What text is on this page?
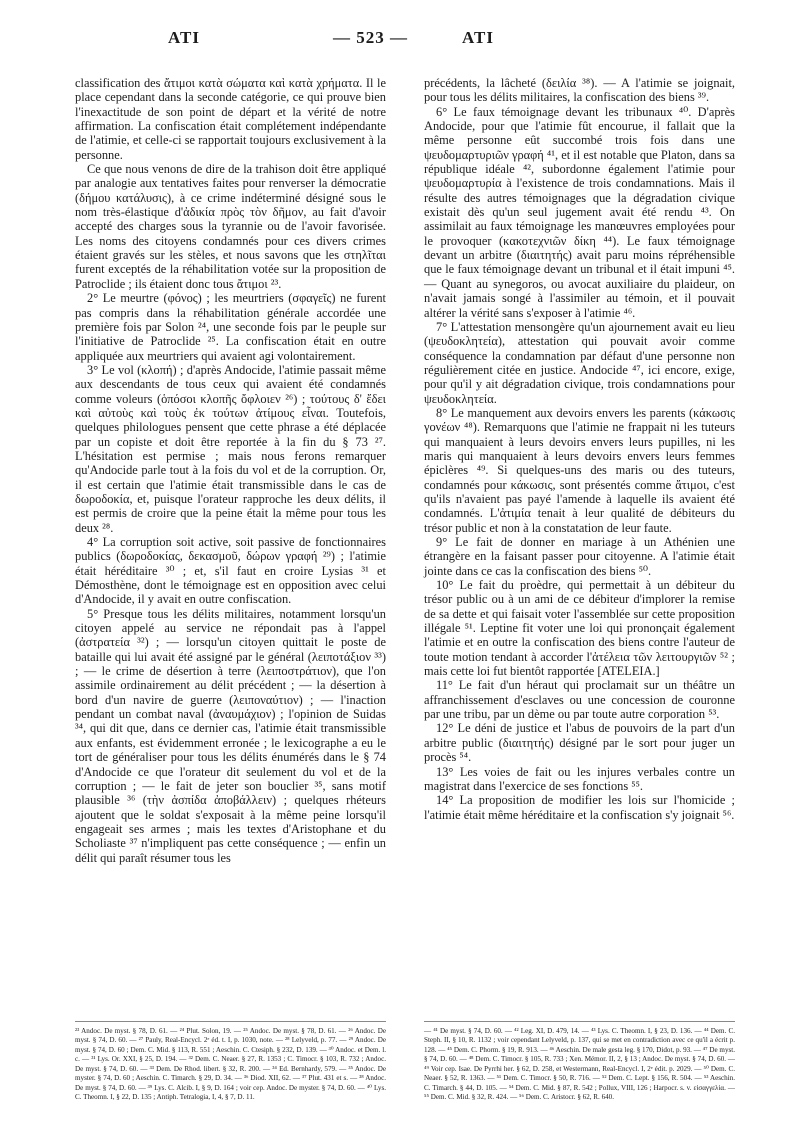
ATI	— 523 —	ATI

classification des ἄτιμοι κατὰ σώματα καὶ κατὰ χρήματα. Il le place cependant dans la seconde catégorie, ce qui prouve bien l'inexactitude de son point de départ et la vérité de notre affirmation. La confiscation était complétement indépendante de l'atimie, et celle-ci se rapportait toujours exclusivement à la personne.

Ce que nous venons de dire de la trahison doit être appliqué par analogie aux tentatives faites pour renverser la démocratie (δήμου κατάλυσις), à ce crime indéterminé désigné sous le nom très-élastique d'ἀδικία πρὸς τὸν δῆμον, au fait d'avoir accepté des charges sous la tyrannie ou de l'avoir favorisée. Les noms des citoyens condamnés pour ces divers crimes étaient gravés sur les stèles, et nous savons que les στηλῖται furent exceptés de la réhabilitation votée sur la proposition de Patroclide ; ils étaient donc tous ἄτιμοι ²³.

2° Le meurtre (φόνος) ; les meurtriers (σφαγεῖς) ne furent pas compris dans la réhabilitation générale accordée une première fois par Solon ²⁴, une seconde fois par le peuple sur l'initiative de Patroclide ²⁵. La confiscation était en outre appliquée aux meurtriers qui avaient agi volontairement.

3° Le vol (κλοπή) ; d'après Andocide, l'atimie passait même aux descendants de tous ceux qui avaient été condamnés comme voleurs (ὁπόσοι κλοπῆς ὄφλοιεν ²⁶) ; τούτους δ' ἔδει καὶ αὐτοὺς καὶ τοὺς ἐκ τούτων ἀτίμους εἶναι. Toutefois, quelques philologues pensent que cette phrase a été déplacée par un copiste et doit être reportée à la fin du § 73 ²⁷. L'hésitation est permise ; mais nous ferons remarquer qu'Andocide parle tout à la fois du vol et de la corruption. Or, il est certain que l'atimie était transmissible dans le cas de δωροδοκία, et, puisque l'orateur rapproche les deux délits, il est permis de croire que la peine était la même pour tous les deux ²⁸.

4° La corruption soit active, soit passive de fonctionnaires publics (δωροδοκίας, δεκασμοῦ, δώρων γραφή ²⁹) ; l'atimie était héréditaire ³⁰ ; et, s'il faut en croire Lysias ³¹ et Démosthène, dont le témoignage est en opposition avec celui d'Andocide, il y avait en outre confiscation.

5° Presque tous les délits militaires, notamment lorsqu'un citoyen appelé au service ne répondait pas à l'appel (ἀστρατεία ³²) ; — lorsqu'un citoyen quittait le poste de bataille qui lui avait été assigné par le général (λειποτάξιον ³³) ; — le crime de désertion à terre (λειποστράτιον), que l'on assimile ordinairement au délit précédent ; — la désertion à bord d'un navire de guerre (λειποναύτιον) ; — l'inaction pendant un combat naval (ἀναυμάχιον) ; l'opinion de Suidas ³⁴, qui dit que, dans ce dernier cas, l'atimie était transmissible aux enfants, est évidemment erronée ; le lexicographe a eu le tort de généraliser pour tous les délits énumérés dans le § 74 d'Andocide ce que l'orateur dit seulement du vol et de la corruption ; — le fait de jeter son bouclier ³⁵, sans motif plausible ³⁶ (τὴν ἀσπίδα ἀποβάλλειν) ; quelques rhéteurs ajoutent que le soldat s'exposait à la même peine lorsqu'il engageait ses armes ; mais les textes d'Aristophane et du Scholiaste ³⁷ n'impliquent pas cette conséquence ; — enfin un délit qui paraît résumer tous les

précédents, la lâcheté (δειλία ³⁸). — A l'atimie se joignait, pour tous les délits militaires, la confiscation des biens ³⁹.

6° Le faux témoignage devant les tribunaux ⁴⁰. D'après Andocide, pour que l'atimie fût encourue, il fallait que la même personne eût succombé trois fois dans une ψευδομαρτυριῶν γραφή ⁴¹, et il est notable que Platon, dans sa république idéale ⁴², subordonne également l'atimie pour ψευδομαρτυρία à l'existence de trois condamnations. Mais il résulte des autres témoignages que la dégradation civique existait dès qu'un seul jugement avait été rendu ⁴³. On assimilait au faux témoignage les manœuvres employées pour le provoquer (κακοτεχνιῶν δίκη ⁴⁴). Le faux témoignage devant un arbitre (διαιτητής) avait paru moins répréhensible que le faux témoignage devant un tribunal et il était impuni ⁴⁵. — Quant au synegoros, ou avocat auxiliaire du plaideur, on n'avait jamais songé à l'assimiler au témoin, et il pouvait altérer la vérité sans s'exposer à l'atimie ⁴⁶.

7° L'attestation mensongère qu'un ajournement avait eu lieu (ψευδοκλητεία), attestation qui pouvait avoir comme conséquence la condamnation par défaut d'une personne non régulièrement citée en justice. Andocide ⁴⁷, ici encore, exige, pour qu'il y ait dégradation civique, trois condamnations pour ψευδοκλητεία.

8° Le manquement aux devoirs envers les parents (κάκωσις γονέων ⁴⁸). Remarquons que l'atimie ne frappait ni les tuteurs qui manquaient à leurs devoirs envers leurs pupilles, ni les maris qui manquaient à leurs devoirs envers leurs femmes épiclères ⁴⁹. Si quelques-uns des maris ou des tuteurs, condamnés pour κάκωσις, sont présentés comme ἄτιμοι, c'est qu'ils n'avaient pas payé l'amende à laquelle ils avaient été condamnés. L'ἀτιμία tenait à leur qualité de débiteurs du trésor public et non à la constatation de leur faute.

9° Le fait de donner en mariage à un Athénien une étrangère en la faisant passer pour citoyenne. A l'atimie était jointe dans ce cas la confiscation des biens ⁵⁰.

10° Le fait du proèdre, qui permettait à un débiteur du trésor public ou à un ami de ce débiteur d'implorer la remise de sa dette et qui faisait voter l'assemblée sur cette proposition illégale ⁵¹. Leptine fit voter une loi qui prononçait également l'atimie et en outre la confiscation des biens contre l'auteur de toute motion tendant à accorder l'ἀτέλεια τῶν λειτουργιῶν ⁵² ; mais cette loi fut bientôt rapportée [ATELEIA.]

11° Le fait d'un héraut qui proclamait sur un théâtre un affranchissement d'esclaves ou une concession de couronne par une tribu, par un dème ou par toute autre corporation ⁵³.

12° Le déni de justice et l'abus de pouvoirs de la part d'un arbitre public (διαιτητής) désigné par le sort pour juger un procès ⁵⁴.

13° Les voies de fait ou les injures verbales contre un magistrat dans l'exercice de ses fonctions ⁵⁵.

14° La proposition de modifier les lois sur l'homicide ; l'atimie était même héréditaire et la confiscation s'y joignait ⁵⁶.

²³ Andoc. De myst. § 78, D. 61. — ²⁴ Plut. Solon, 19. — ²⁵ Andoc. De myst. § 78, D. 61. — ²⁶ Andoc. De myst. § 74, D. 60. — ²⁷ Pauly, Real-Encycl. 2ᵉ éd. t. I, p. 1030, note. — ²⁸ Lelyveld, p. 77. — ²⁹ Andoc. De myst. § 74, D. 60 ; Dem. C. Mid. § 113, R. 551 ; Aeschin. C. Ctesiph. § 232, D. 139. — ³⁰ Andoc. et Dem. l. c. — ³¹ Lys. Or. XXI, § 25, D. 194. — ³² Dem. C. Neaer. § 27, R. 1353 ; C. Timocr. § 103, R. 732 ; Andoc. De myst. § 74, D. 60. — ³³ Dem. De Rhod. libert. § 32, R. 200. — ³⁴ Ed. Bernhardy, 579. — ³⁵ Andoc. De myster. § 74, D. 60 ; Aeschin. C. Timarch. § 29, D. 34. — ³⁶ Diod. XII, 62. — ³⁷ Plut. 431 et s. — ³⁸ Andoc. De myst. § 74, D. 60. — ³⁹ Lys. C. Alcib. I, § 9, D. 164 ; voir cep. Andoc. De myster. § 74, D. 60. — ⁴⁰ Lys. C. Theomn. I, § 22, D. 135 ; Antiph. Tetralogia, I, 4, § 7, D. 11.
— ⁴¹ De myst. § 74, D. 60. — ⁴² Leg. XI, D. 479, 14. — ⁴³ Lys. C. Theomn. I, § 23, D. 136. — ⁴⁴ Dem. C. Steph. II, § 10, R. 1132 ; voir cependant Lelyveld, p. 137, qui se met en contradiction avec ce qu'il a écrit p. 128. — ⁴⁵ Dem. C. Phorm. § 19, R. 913. — ⁴⁶ Aeschin. De male gesta leg. § 170, Didot, p. 93. — ⁴⁷ De myst. § 74, D. 60. — ⁴⁸ Dem. C. Timocr. § 105, R. 733 ; Xen. Mémor. II, 2, § 13 ; Andoc. De myst. § 74, D. 60. — ⁴⁹ Voir cep. Isae. De Pyrrhi her. § 62, D. 258, et Westermann, Real-Encycl. I, 2ᵉ édit. p. 2029. — ⁵⁰ Dem. C. Neaer. § 52, R. 1363. — ⁵¹ Dem. C. Timocr. § 50, R. 716. — ⁵² Dem. C. Lept. § 156, R. 504. — ⁵³ Aeschin. C. Timarch. § 44, D. 105. — ⁵⁴ Dem. C. Mid. § 87, R. 542 ; Pollux, VIII, 126 ; Harpocr. s. v. εἰσαγγελία. — ⁵⁵ Dem. C. Mid. § 32, R. 424. — ⁵⁶ Dem. C. Aristocr. § 62, R. 640.
